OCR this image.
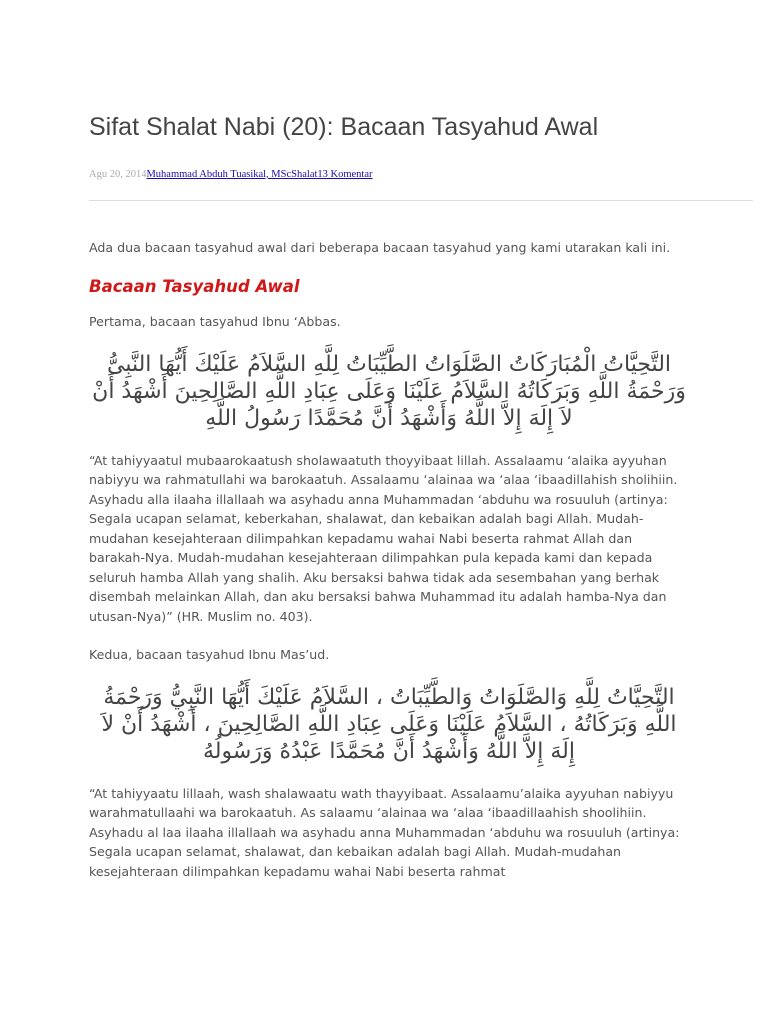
Sifat Shalat Nabi (20): Bacaan Tasyahud Awal
Agu 20, 2014Muhammad Abduh Tuasikal, MScShalat13 Komentar

Ada dua bacaan tasyahud awal dari beberapa bacaan tasyahud yang kami utarakan kali ini.

Bacaan Tasyahud Awal

Pertama, bacaan tasyahud Ibnu ‘Abbas.

التَّحِيَّاتُ الْمُبَارَكَاتُ الصَّلَوَاتُ الطَّيِّبَاتُ لِلَّهِ السَّلاَمُ عَلَيْكَ أَيُّهَا النَّبِىُّ وَرَحْمَةُ اللَّهِ وَبَرَكَاتُهُ السَّلاَمُ عَلَيْنَا وَعَلَى عِبَادِ اللَّهِ الصَّالِحِينَ أَشْهَدُ أَنْ لاَ إِلَهَ إِلاَّ اللَّهُ وَأَشْهَدُ أَنَّ مُحَمَّدًا رَسُولُ اللَّهِ

“At tahiyyaatul mubaarokaatush sholawaatuth thoyyibaat lillah. Assalaamu ‘alaika ayyuhan nabiyyu wa rahmatullahi wa barokaatuh. Assalaamu ‘alainaa wa ‘alaa ‘ibaadillahish sholihiin. Asyhadu alla ilaaha illallaah wa asyhadu anna Muhammadan ‘abduhu wa rosuuluh (artinya: Segala ucapan selamat, keberkahan, shalawat, dan kebaikan adalah bagi Allah. Mudah-mudahan kesejahteraan dilimpahkan kepadamu wahai Nabi beserta rahmat Allah dan barakah-Nya. Mudah-mudahan kesejahteraan dilimpahkan pula kepada kami dan kepada seluruh hamba Allah yang shalih. Aku bersaksi bahwa tidak ada sesembahan yang berhak disembah melainkan Allah, dan aku bersaksi bahwa Muhammad itu adalah hamba-Nya dan utusan-Nya)” (HR. Muslim no. 403).

Kedua, bacaan tasyahud Ibnu Mas’ud.

التَّحِيَّاتُ لِلَّهِ وَالصَّلَوَاتُ وَالطَّيِّبَاتُ ، السَّلاَمُ عَلَيْكَ أَيُّهَا النَّبِيُّ وَرَحْمَةُ اللَّهِ وَبَرَكَاتُهُ ، السَّلاَمُ عَلَيْنَا وَعَلَى عِبَادِ اللَّهِ الصَّالِحِينَ ، أَشْهَدُ أَنْ لاَ إِلَهَ إِلاَّ اللَّهُ وَأَشْهَدُ أَنَّ مُحَمَّدًا عَبْدُهُ وَرَسُولُهُ

“At tahiyyaatu lillaah, wash shalawaatu wath thayyibaat. Assalaamu’alaika ayyuhan nabiyyu warahmatullaahi wa barokaatuh. As salaamu ‘alainaa wa ‘alaa ‘ibaadillaahish shoolihiin. Asyhadu al laa ilaaha illallaah wa asyhadu anna Muhammadan ‘abduhu wa rosuuluh (artinya: Segala ucapan selamat, shalawat, dan kebaikan adalah bagi Allah. Mudah-mudahan kesejahteraan dilimpahkan kepadamu wahai Nabi beserta rahmat
